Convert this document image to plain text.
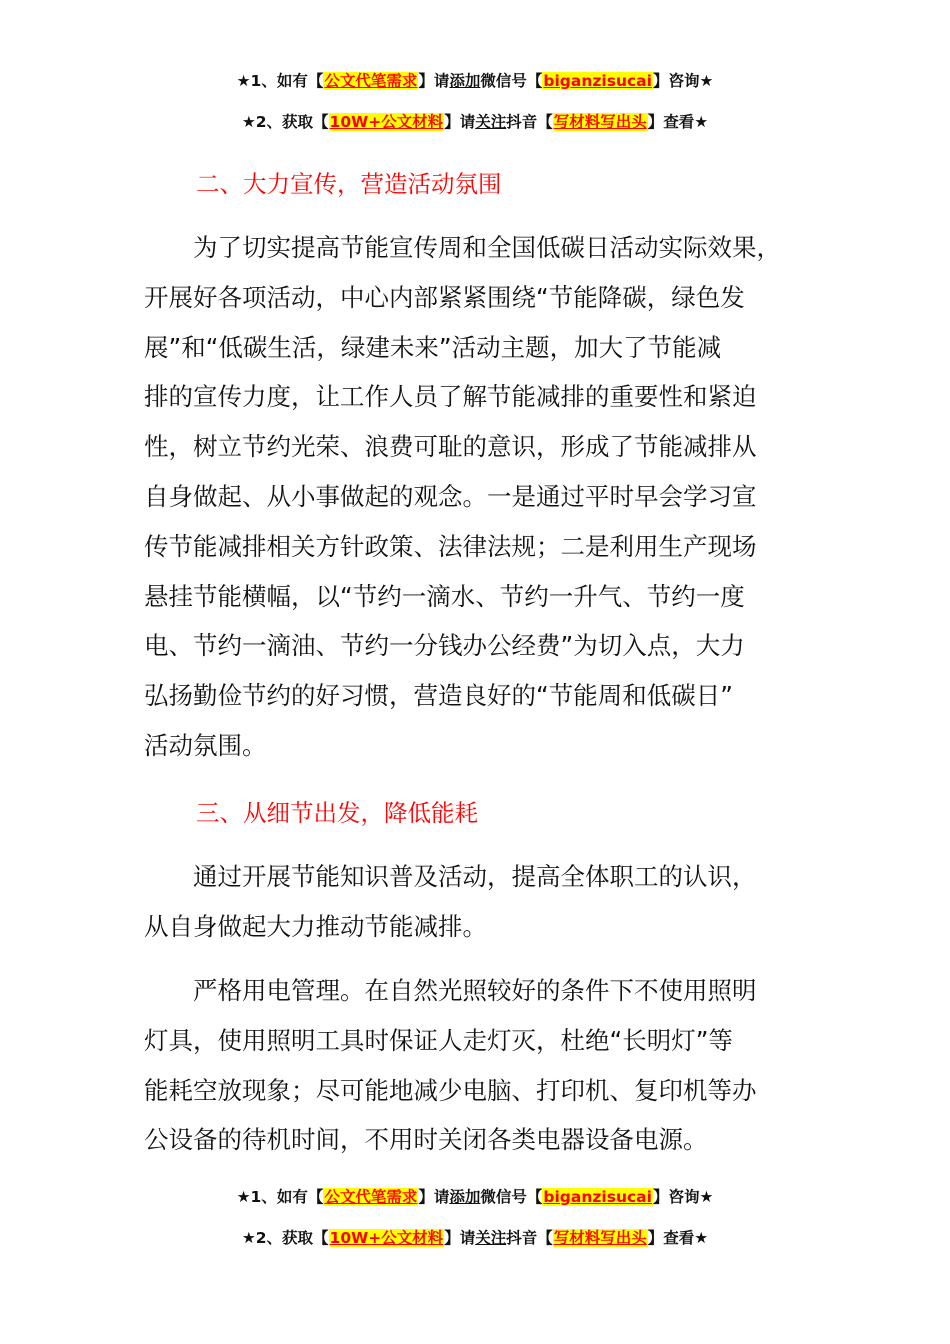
★1、如有【公文代笔需求】请添加微信号【biganzisucai】咨询★
★2、获取【10W+公文材料】请关注抖音【写材料写出头】查看★
二、大力宣传，营造活动氛围
为了切实提高节能宣传周和全国低碳日活动实际效果，
开展好各项活动，中心内部紧紧围绕“节能降碳，绿色发
展”和“低碳生活，绿建未来”活动主题，加大了节能减
排的宣传力度，让工作人员了解节能减排的重要性和紧迫
性，树立节约光荣、浪费可耻的意识，形成了节能减排从
自身做起、从小事做起的观念。一是通过平时早会学习宣
传节能减排相关方针政策、法律法规；二是利用生产现场
悬挂节能横幅，以“节约一滴水、节约一升气、节约一度
电、节约一滴油、节约一分钱办公经费”为切入点，大力
弘扬勤俭节约的好习惯，营造良好的“节能周和低碳日”
活动氛围。
三、从细节出发，降低能耗
通过开展节能知识普及活动，提高全体职工的认识，
从自身做起大力推动节能减排。
严格用电管理。在自然光照较好的条件下不使用照明
灯具，使用照明工具时保证人走灯灭，杜绝“长明灯”等
能耗空放现象；尽可能地减少电脑、打印机、复印机等办
公设备的待机时间，不用时关闭各类电器设备电源。
★1、如有【公文代笔需求】请添加微信号【biganzisucai】咨询★
★2、获取【10W+公文材料】请关注抖音【写材料写出头】查看★
